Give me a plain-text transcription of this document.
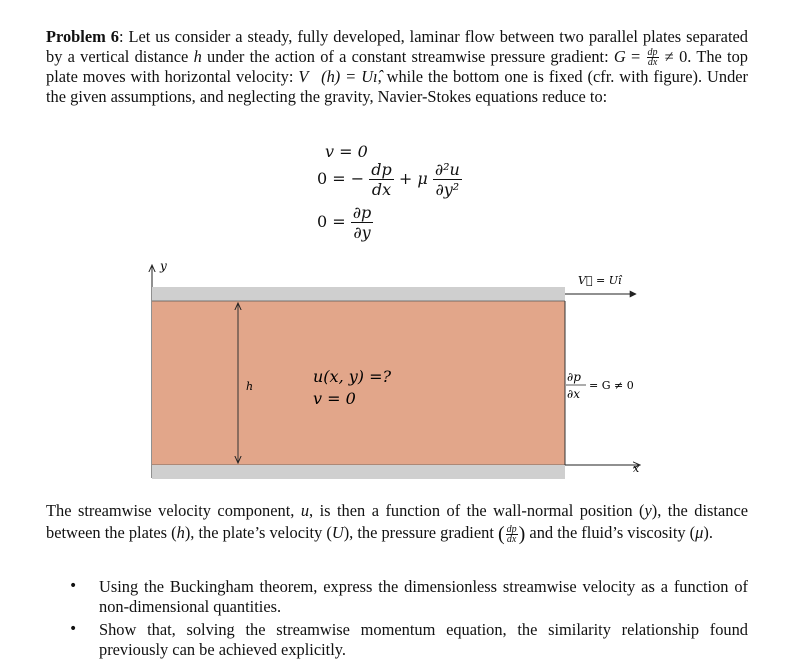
Problem 6: Let us consider a steady, fully developed, laminar flow between two parallel plates separated by a vertical distance h under the action of a constant streamwise pressure gradient: $G = \frac{dp}{dx} \ne 0$. The top plate moves with horizontal velocity: V⃗(h) = Uı̂, while the bottom one is fixed (cfr. with figure). Under the given assumptions, and neglecting the gravity, Navier-Stokes equations reduce to:
v = 0
0 = − $\frac{dp}{dx} + \mu \frac{\text{∂²u}}{\text{∂y²}}$
$0 = \frac{\partial p}{\partial y}$
y
x
V⃗ = Uı̂
h
u(x, y) =?
v = 0
∂p
∂x
= G ≠ 0
The streamwise velocity component, u, is then a function of the wall-normal position (y), the distance between the plates (h), the plate’s velocity (U), the pressure gradient ( $\frac{dp}{dx}$ ) and the fluid’s viscosity (μ).
• Using the Buckingham theorem, express the dimensionless streamwise velocity as a function of non-dimensional quantities.
• Show that, solving the streamwise momentum equation, the similarity relationship found previously can be achieved explicitly.
